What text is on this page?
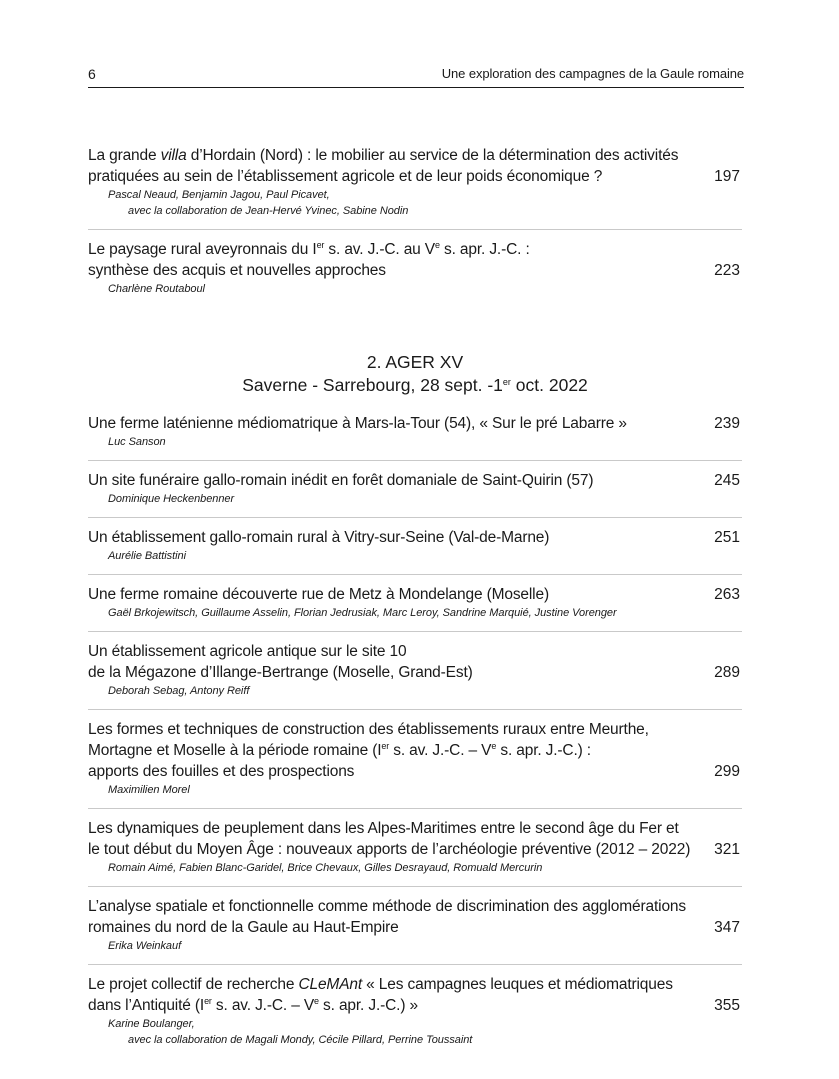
6	Une exploration des campagnes de la Gaule romaine
La grande villa d’Hordain (Nord) : le mobilier au service de la détermination des activités
pratiquées au sein de l’établissement agricole et de leur poids économique ?	197
Pascal Neaud, Benjamin Jagou, Paul Picavet,
avec la collaboration de Jean-Hervé Yvinec, Sabine Nodin
Le paysage rural aveyronnais du Ier s. av. J.-C. au Ve s. apr. J.-C. :
synthèse des acquis et nouvelles approches	223
Charlène Routaboul
2. AGER XV
Saverne - Sarrebourg, 28 sept. -1er oct. 2022
Une ferme laténienne médiomatrique à Mars-la-Tour (54), « Sur le pré Labarre »	239
Luc Sanson
Un site funéraire gallo-romain inédit en forêt domaniale de Saint-Quirin (57)	245
Dominique Heckenbenner
Un établissement gallo-romain rural à Vitry-sur-Seine (Val-de-Marne)	251
Aurélie Battistini
Une ferme romaine découverte rue de Metz à Mondelange (Moselle)	263
Gaël Brkojewitsch, Guillaume Asselin, Florian Jedrusiak, Marc Leroy, Sandrine Marquié, Justine Vorenger
Un établissement agricole antique sur le site 10
de la Mégazone d’Illange-Bertrange (Moselle, Grand-Est)	289
Deborah Sebag, Antony Reiff
Les formes et techniques de construction des établissements ruraux entre Meurthe,
Mortagne et Moselle à la période romaine (Ier s. av. J.-C. – Ve s. apr. J.-C.) :
apports des fouilles et des prospections	299
Maximilien Morel
Les dynamiques de peuplement dans les Alpes-Maritimes entre le second âge du Fer et
le tout début du Moyen Âge : nouveaux apports de l’archéologie préventive (2012 – 2022) 321
Romain Aimé, Fabien Blanc-Garidel, Brice Chevaux, Gilles Desrayaud, Romuald Mercurin
L’analyse spatiale et fonctionnelle comme méthode de discrimination des agglomérations
romaines du nord de la Gaule au Haut-Empire	347
Erika Weinkauf
Le projet collectif de recherche CLeMAnt « Les campagnes leuques et médiomatriques
dans l’Antiquité (Ier s. av. J.-C. – Ve s. apr. J.-C.) »	355
Karine Boulanger,
avec la collaboration de Magali Mondy, Cécile Pillard, Perrine Toussaint
